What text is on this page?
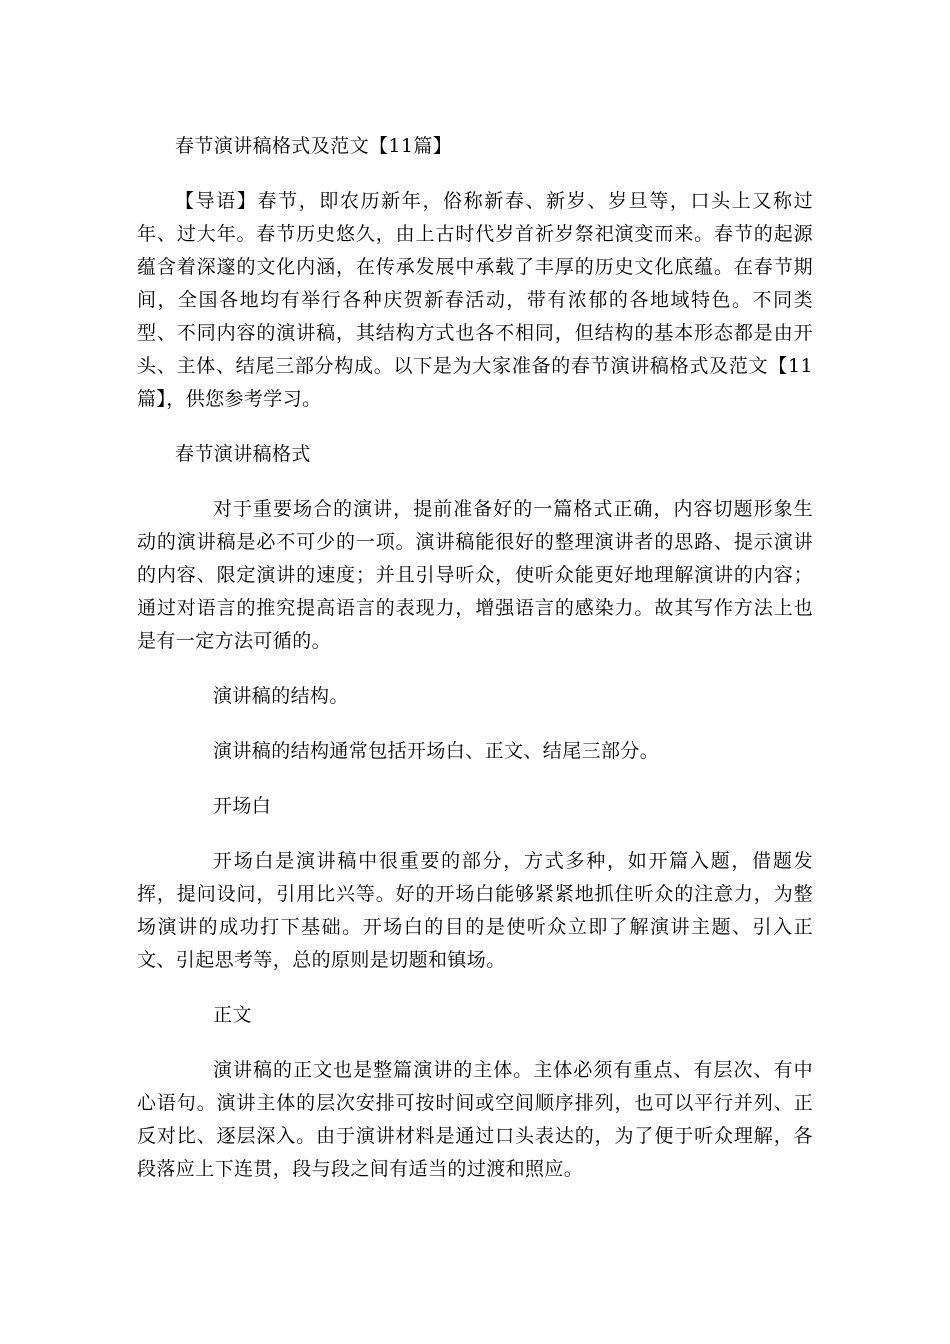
春节演讲稿格式及范文【11篇】

【导语】春节，即农历新年，俗称新春、新岁、岁旦等，口头上又称过年、过大年。春节历史悠久，由上古时代岁首祈岁祭祀演变而来。春节的起源蕴含着深邃的文化内涵，在传承发展中承载了丰厚的历史文化底蕴。在春节期间，全国各地均有举行各种庆贺新春活动，带有浓郁的各地域特色。不同类型、不同内容的演讲稿，其结构方式也各不相同，但结构的基本形态都是由开头、主体、结尾三部分构成。以下是为大家准备的春节演讲稿格式及范文【11篇】，供您参考学习。

春节演讲稿格式

对于重要场合的演讲，提前准备好的一篇格式正确，内容切题形象生动的演讲稿是必不可少的一项。演讲稿能很好的整理演讲者的思路、提示演讲的内容、限定演讲的速度；并且引导听众，使听众能更好地理解演讲的内容；通过对语言的推究提高语言的表现力，增强语言的感染力。故其写作方法上也是有一定方法可循的。

演讲稿的结构。

演讲稿的结构通常包括开场白、正文、结尾三部分。

开场白

开场白是演讲稿中很重要的部分，方式多种，如开篇入题，借题发挥，提问设问，引用比兴等。好的开场白能够紧紧地抓住听众的注意力，为整场演讲的成功打下基础。开场白的目的是使听众立即了解演讲主题、引入正文、引起思考等，总的原则是切题和镇场。

正文

演讲稿的正文也是整篇演讲的主体。主体必须有重点、有层次、有中心语句。演讲主体的层次安排可按时间或空间顺序排列，也可以平行并列、正反对比、逐层深入。由于演讲材料是通过口头表达的，为了便于听众理解，各段落应上下连贯，段与段之间有适当的过渡和照应。
